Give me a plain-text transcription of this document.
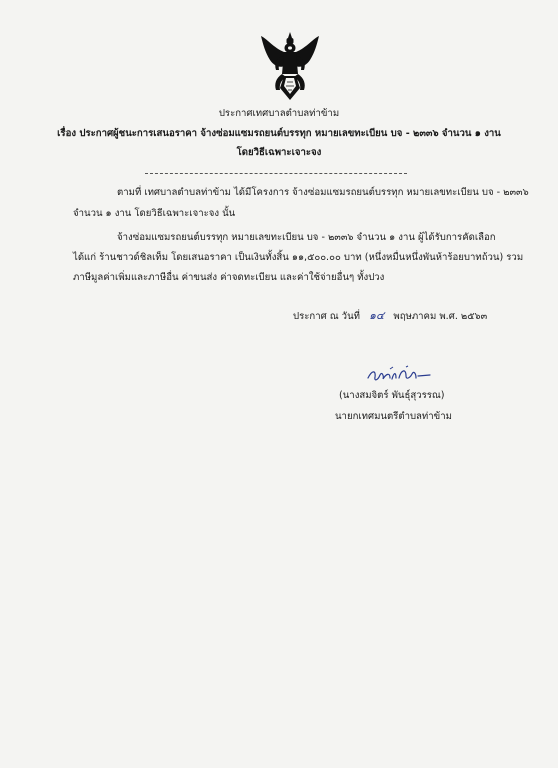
ประกาศเทศบาลตำบลท่าข้าม
เรื่อง ประกาศผู้ชนะการเสนอราคา จ้างซ่อมแซมรถยนต์บรรทุก หมายเลขทะเบียน บจ - ๒๓๓๖ จำนวน ๑ งาน
โดยวิธีเฉพาะเจาะจง
ตามที่ เทศบาลตำบลท่าข้าม ได้มีโครงการ จ้างซ่อมแซมรถยนต์บรรทุก หมายเลขทะเบียน บจ - ๒๓๓๖
จำนวน ๑ งาน โดยวิธีเฉพาะเจาะจง นั้น
จ้างซ่อมแซมรถยนต์บรรทุก หมายเลขทะเบียน บจ - ๒๓๓๖ จำนวน ๑ งาน ผู้ได้รับการคัดเลือก
ได้แก่ ร้านชาวด์ชิลเท็ม โดยเสนอราคา เป็นเงินทั้งสิ้น ๑๑,๕๐๐.๐๐ บาท (หนึ่งหมื่นหนึ่งพันห้าร้อยบาทถ้วน) รวม
ภาษีมูลค่าเพิ่มและภาษีอื่น ค่าขนส่ง ค่าจดทะเบียน และค่าใช้จ่ายอื่นๆ ทั้งปวง
ประกาศ ณ วันที่ ๑๔ พฤษภาคม พ.ศ. ๒๕๖๓
(นางสมจิตร์ พันธุ์สุวรรณ)
นายกเทศมนตรีตำบลท่าข้าม
